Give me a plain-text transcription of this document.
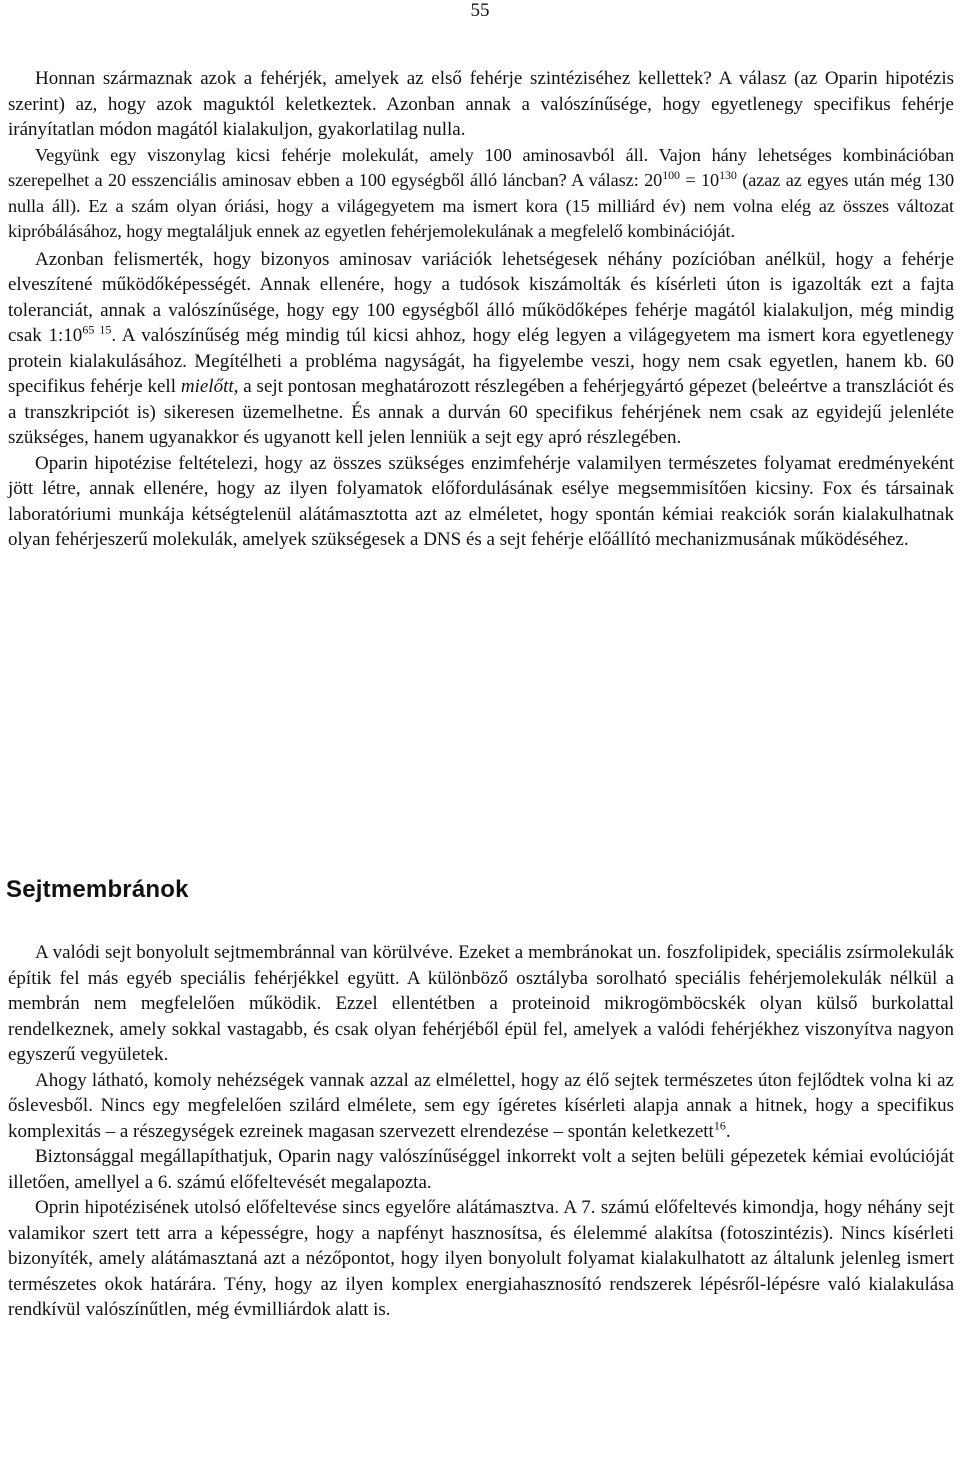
55

Honnan származnak azok a fehérjék, amelyek az első fehérje szintéziséhez kellettek? A válasz (az Oparin hipotézis szerint) az, hogy azok maguktól keletkeztek. Azonban annak a valószínűsége, hogy egyetlenegy specifikus fehérje irányítatlan módon magától kialakuljon, gyakorlatilag nulla.

Vegyünk egy viszonylag kicsi fehérje molekulát, amely 100 aminosavból áll. Vajon hány lehetséges kombinációban szerepelhet a 20 esszenciális aminosav ebben a 100 egységből álló láncban? A válasz: $20^{100} = 10^{130}$ (azaz az egyes után még 130 nulla áll). Ez a szám olyan óriási, hogy a világegyetem ma ismert kora (15 milliárd év) nem volna elég az összes változat kipróbálásához, hogy megtaláljuk ennek az egyetlen fehérjemolekulának a megfelelő kombinációját.

Azonban felismerték, hogy bizonyos aminosav variációk lehetségesek néhány pozícióban anélkül, hogy a fehérje elveszítené működőképességét. Annak ellenére, hogy a tudósok kiszámolták és kísérleti úton is igazolták ezt a fajta toleranciát, annak a valószínűsége, hogy egy 100 egységből álló működőképes fehérje magától kialakuljon, még mindig csak $1:10^{65 15}$. A valószínűség még mindig túl kicsi ahhoz, hogy elég legyen a világegyetem ma ismert kora egyetlenegy protein kialakulásához. Megítélheti a probléma nagyságát, ha figyelembe veszi, hogy nem csak egyetlen, hanem kb. 60 specifikus fehérje kell mielőtt, a sejt pontosan meghatározott részlegében a fehérjegyártó gépezet (beleértve a transzlációt és a transzkripciót is) sikeresen üzemelhetne. És annak a durván 60 specifikus fehérjének nem csak az egyidejű jelenléte szükséges, hanem ugyanakkor és ugyanott kell jelen lenniük a sejt egy apró részlegében.

Oparin hipotézise feltételezi, hogy az összes szükséges enzimfehérje valamilyen természetes folyamat eredményeként jött létre, annak ellenére, hogy az ilyen folyamatok előfordulásának esélye megsemmisítően kicsiny. Fox és társainak laboratóriumi munkája kétségtelenül alátámasztotta azt az elméletet, hogy spontán kémiai reakciók során kialakulhatnak olyan fehérjeszerű molekulák, amelyek szükségesek a DNS és a sejt fehérje előállító mechanizmusának működéséhez.

Sejtmembránok

A valódi sejt bonyolult sejtmembránnal van körülvéve. Ezeket a membránokat un. foszfolipidek, speciális zsírmolekulák építik fel más egyéb speciális fehérjékkel együtt. A különböző osztályba sorolható speciális fehérjemolekulák nélkül a membrán nem megfelelően működik. Ezzel ellentétben a proteinoid mikrogömböcskék olyan külső burkolattal rendelkeznek, amely sokkal vastagabb, és csak olyan fehérjéből épül fel, amelyek a valódi fehérjékhez viszonyítva nagyon egyszerű vegyületek.

Ahogy látható, komoly nehézségek vannak azzal az elmélettel, hogy az élő sejtek természetes úton fejlődtek volna ki az őslevesből. Nincs egy megfelelően szilárd elmélete, sem egy ígéretes kísérleti alapja annak a hitnek, hogy a specifikus komplexitás – a részegységek ezreinek magasan szervezett elrendezése – spontán keletkezett$^{16}$.

Biztonsággal megállapíthatjuk, Oparin nagy valószínűséggel inkorrekt volt a sejten belüli gépezetek kémiai evolúcióját illetően, amellyel a 6. számú előfeltevését megalapozta.

Oprin hipotézisének utolsó előfeltevése sincs egyelőre alátámasztva. A 7. számú előfeltevés kimondja, hogy néhány sejt valamikor szert tett arra a képességre, hogy a napfényt hasznosítsa, és élelemmé alakítsa (fotoszintézis). Nincs kísérleti bizonyíték, amely alátámasztaná azt a nézőpontot, hogy ilyen bonyolult folyamat kialakulhatott az általunk jelenleg ismert természetes okok határára. Tény, hogy az ilyen komplex energiahasznosító rendszerek lépésről-lépésre való kialakulása rendkívül valószínűtlen, még évmilliárdok alatt is.
